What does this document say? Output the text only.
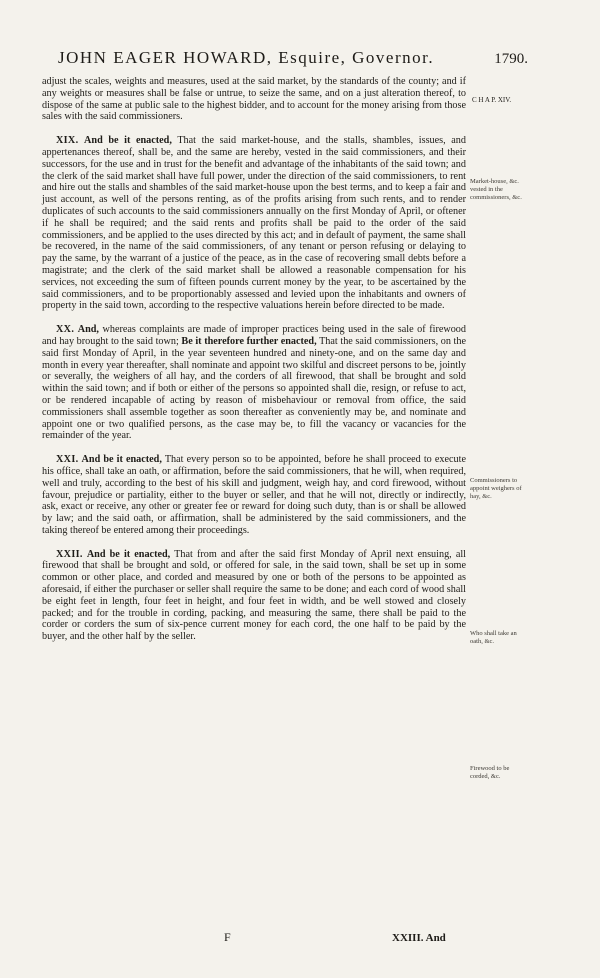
JOHN EAGER HOWARD, Esquire, Governor.	1790.
C H A P. XIV.

adjust the scales, weights and measures, used at the said market, by the standards of the county; and if any weights or measures shall be false or untrue, to seize the same, and on a just alteration thereof, to dispose of the same at public sale to the highest bidder, and to account for the money arising from those sales with the said commissioners.

XIX. And be it enacted, That the said market-house, and the stalls, shambles, issues, and appertenances thereof, shall be, and the same are hereby, vested in the said commissioners, and their successors, for the use and in trust for the benefit and advantage of the inhabitants of the said town; and the clerk of the said market shall have full power, under the direction of the said commissioners, to rent and hire out the stalls and shambles of the said market-house upon the best terms, and to keep a fair and just account, as well of the persons renting, as of the profits arising from such rents, and to render duplicates of such accounts to the said commissioners annually on the first Monday of April, or oftener if he shall be required; and the said rents and profits shall be paid to the order of the said commissioners, and be applied to the uses directed by this act; and in default of payment, the same shall be recovered, in the name of the said commissioners, of any tenant or person refusing or delaying to pay the same, by the warrant of a justice of the peace, as in the case of recovering small debts before a magistrate; and the clerk of the said market shall be allowed a reasonable compensation for his services, not exceeding the sum of fifteen pounds current money by the year, to be ascertained by the said commissioners, and to be proportionably assessed and levied upon the inhabitants and owners of property in the said town, according to the respective valuations herein before directed to be made.

XX. And, whereas complaints are made of improper practices being used in the sale of firewood and hay brought to the said town; Be it therefore further enacted, That the said commissioners, on the said first Monday of April, in the year seventeen hundred and ninety-one, and on the same day and month in every year thereafter, shall nominate and appoint two skilful and discreet persons to be, jointly or severally, the weighers of all hay, and the corders of all firewood, that shall be brought and sold within the said town; and if both or either of the persons so appointed shall die, resign, or refuse to act, or be rendered incapable of acting by reason of misbehaviour or removal from office, the said commissioners shall assemble together as soon thereafter as conveniently may be, and nominate and appoint one or two qualified persons, as the case may be, to fill the vacancy or vacancies for the remainder of the year.

XXI. And be it enacted, That every person so to be appointed, before he shall proceed to execute his office, shall take an oath, or affirmation, before the said commissioners, that he will, when required, well and truly, according to the best of his skill and judgment, weigh hay, and cord firewood, without favour, prejudice or partiality, either to the buyer or seller, and that he will not, directly or indirectly, ask, exact or receive, any other or greater fee or reward for doing such duty, than is or shall be allowed by law; and the said oath, or affirmation, shall be administered by the said commissioners, and the taking thereof be entered among their proceedings.

XXII. And be it enacted, That from and after the said first Monday of April next ensuing, all firewood that shall be brought and sold, or offered for sale, in the said town, shall be set up in some common or other place, and corded and measured by one or both of the persons to be appointed as aforesaid, if either the purchaser or seller shall require the same to be done; and each cord of wood shall be eight feet in length, four feet in height, and four feet in width, and be well stowed and closely packed; and for the trouble in cording, packing, and measuring the same, there shall be paid to the corder or corders the sum of six-pence current money for each cord, the one half to be paid by the buyer, and the other half by the seller.

Market-house, &c. vested in the commissioners, &c.
Commissioners to appoint weighers of hay, &c.
Who shall take an oath, &c.
Firewood to be corded, &c.
F	XXIII. And
